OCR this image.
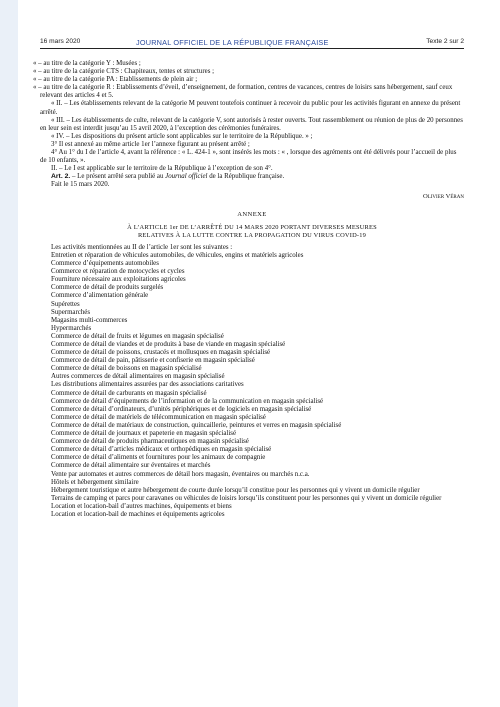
16 mars 2020	JOURNAL OFFICIEL DE LA RÉPUBLIQUE FRANÇAISE	Texte 2 sur 2

« – au titre de la catégorie Y : Musées ;

« – au titre de la catégorie CTS : Chapiteaux, tentes et structures ;

« – au titre de la catégorie PA : Etablissements de plein air ;

« – au titre de la catégorie R : Etablissements d’éveil, d’enseignement, de formation, centres de vacances, centres de loisirs sans hébergement, sauf ceux relevant des articles 4 et 5.

« II. – Les établissements relevant de la catégorie M peuvent toutefois continuer à recevoir du public pour les activités figurant en annexe du présent arrêté.

« III. – Les établissements de culte, relevant de la catégorie V, sont autorisés à rester ouverts. Tout rassemblement ou réunion de plus de 20 personnes en leur sein est interdit jusqu’au 15 avril 2020, à l’exception des cérémonies funéraires.

« IV. – Les dispositions du présent article sont applicables sur le territoire de la République. » ;

3° Il est annexé au même article 1er l’annexe figurant au présent arrêté ;

4° Au 1° du I de l’article 4, avant la référence : « L. 424-1 », sont insérés les mots : « , lorsque des agréments ont été délivrés pour l’accueil de plus de 10 enfants, ».

II. – Le I est applicable sur le territoire de la République à l’exception de son 4°.

Art. 2. – Le présent arrêté sera publié au Journal officiel de la République française.

Fait le 15 mars 2020.

Olivier Véran

ANNEXE

À L’ARTICLE 1er DE L’ARRÊTÉ DU 14 MARS 2020 PORTANT DIVERSES MESURES
RELATIVES À LA LUTTE CONTRE LA PROPAGATION DU VIRUS COVID-19

Les activités mentionnées au II de l’article 1er sont les suivantes :

Entretien et réparation de véhicules automobiles, de véhicules, engins et matériels agricoles

Commerce d’équipements automobiles

Commerce et réparation de motocycles et cycles

Fourniture nécessaire aux exploitations agricoles

Commerce de détail de produits surgelés

Commerce d’alimentation générale

Supérettes

Supermarchés

Magasins multi-commerces

Hypermarchés

Commerce de détail de fruits et légumes en magasin spécialisé

Commerce de détail de viandes et de produits à base de viande en magasin spécialisé

Commerce de détail de poissons, crustacés et mollusques en magasin spécialisé

Commerce de détail de pain, pâtisserie et confiserie en magasin spécialisé

Commerce de détail de boissons en magasin spécialisé

Autres commerces de détail alimentaires en magasin spécialisé

Les distributions alimentaires assurées par des associations caritatives

Commerce de détail de carburants en magasin spécialisé

Commerce de détail d’équipements de l’information et de la communication en magasin spécialisé

Commerce de détail d’ordinateurs, d’unités périphériques et de logiciels en magasin spécialisé

Commerce de détail de matériels de télécommunication en magasin spécialisé

Commerce de détail de matériaux de construction, quincaillerie, peintures et verres en magasin spécialisé

Commerce de détail de journaux et papeterie en magasin spécialisé

Commerce de détail de produits pharmaceutiques en magasin spécialisé

Commerce de détail d’articles médicaux et orthopédiques en magasin spécialisé

Commerce de détail d’aliments et fournitures pour les animaux de compagnie

Commerce de détail alimentaire sur éventaires et marchés

Vente par automates et autres commerces de détail hors magasin, éventaires ou marchés n.c.a.

Hôtels et hébergement similaire

Hébergement touristique et autre hébergement de courte durée lorsqu’il constitue pour les personnes qui y vivent un domicile régulier

Terrains de camping et parcs pour caravanes ou véhicules de loisirs lorsqu’ils constituent pour les personnes qui y vivent un domicile régulier

Location et location-bail d’autres machines, équipements et biens

Location et location-bail de machines et équipements agricoles
